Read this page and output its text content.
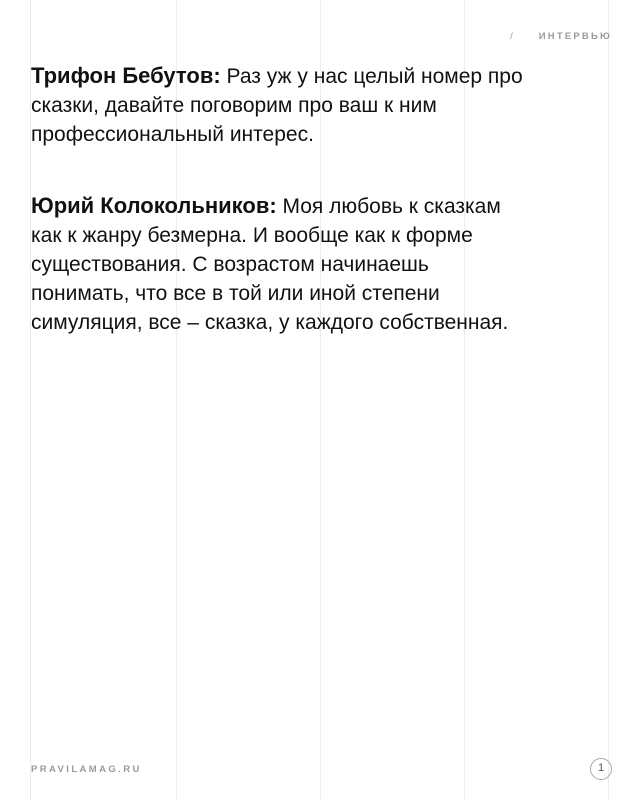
/	ИНТЕРВЬЮ
Трифон Бебутов: Раз уж у нас целый номер про сказки, давайте поговорим про ваш к ним профессиональный интерес.
Юрий Колокольников: Моя любовь к сказкам как к жанру безмерна. И вообще как к форме существования. С возрастом начинаешь понимать, что все в той или иной степени симуляция, все – сказка, у каждого собственная.
PRAVILAMAG.RU	1
